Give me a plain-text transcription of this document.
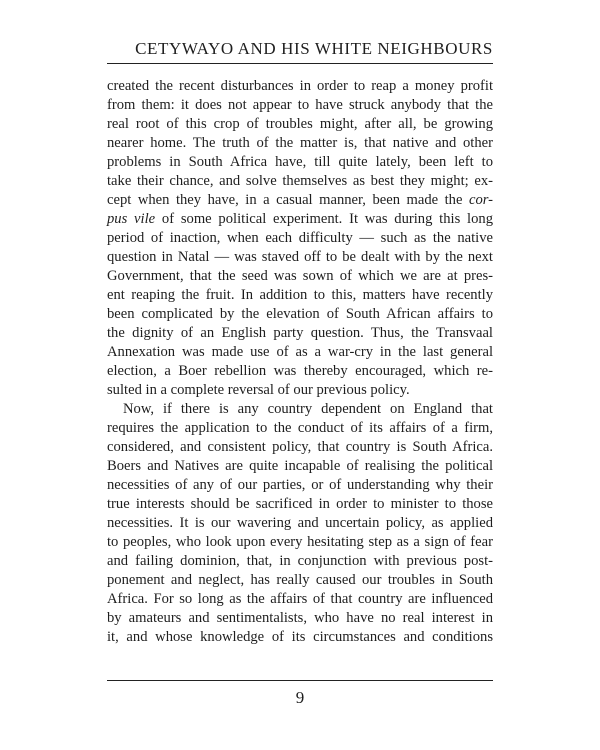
CETYWAYO AND HIS WHITE NEIGHBOURS
created the recent disturbances in order to reap a money profit
from them: it does not appear to have struck anybody that the
real root of this crop of troubles might, after all, be growing
nearer home. The truth of the matter is, that native and other
problems in South Africa have, till quite lately, been left to
take their chance, and solve themselves as best they might; ex-
cept when they have, in a casual manner, been made the cor-
pus vile of some political experiment. It was during this long
period of inaction, when each difficulty — such as the native
question in Natal — was staved off to be dealt with by the next
Government, that the seed was sown of which we are at pres-
ent reaping the fruit. In addition to this, matters have recently
been complicated by the elevation of South African affairs to
the dignity of an English party question. Thus, the Transvaal
Annexation was made use of as a war-cry in the last general
election, a Boer rebellion was thereby encouraged, which re-
sulted in a complete reversal of our previous policy.
Now, if there is any country dependent on England that
requires the application to the conduct of its affairs of a firm,
considered, and consistent policy, that country is South Africa.
Boers and Natives are quite incapable of realising the political
necessities of any of our parties, or of understanding why their
true interests should be sacrificed in order to minister to those
necessities. It is our wavering and uncertain policy, as applied
to peoples, who look upon every hesitating step as a sign of fear
and failing dominion, that, in conjunction with previous post-
ponement and neglect, has really caused our troubles in South
Africa. For so long as the affairs of that country are influenced
by amateurs and sentimentalists, who have no real interest in
it, and whose knowledge of its circumstances and conditions
9
